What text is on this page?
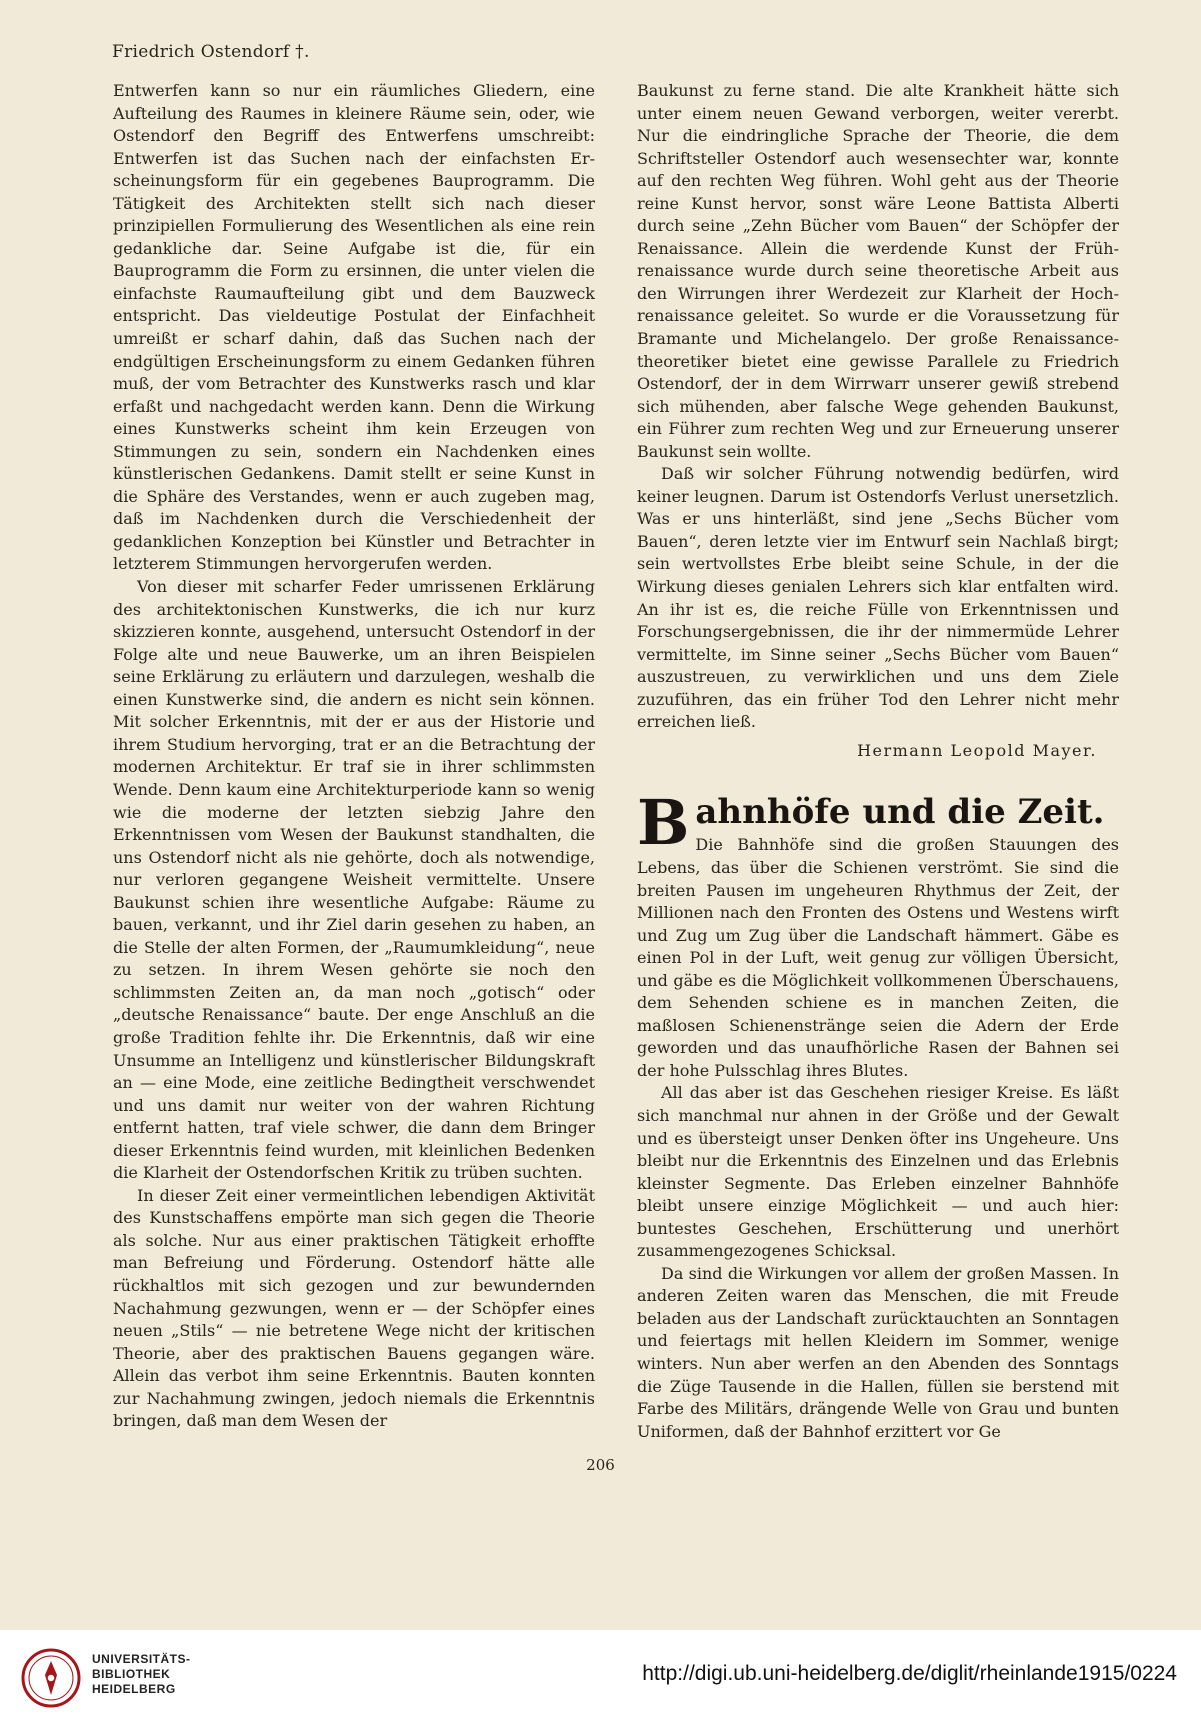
Friedrich Ostendorf †.

Entwerfen kann so nur ein räumliches Gliedern, eine Aufteilung des Raumes in kleinere Räume sein, oder, wie Ostendorf den Begriff des Entwerfens umschreibt: Entwerfen ist das Suchen nach der einfachsten Erscheinungsform für ein gegebenes Bauprogramm. Die Tätigkeit des Architekten stellt sich nach dieser prinzipiellen Formulierung des Wesentlichen als eine rein gedankliche dar. Seine Aufgabe ist die, für ein Bauprogramm die Form zu ersinnen, die unter vielen die einfachste Raumaufteilung gibt und dem Bauzweck entspricht. Das vieldeutige Postulat der Einfachheit umreißt er scharf dahin, daß das Suchen nach der endgültigen Erscheinungsform zu einem Gedanken führen muß, der vom Betrachter des Kunstwerks rasch und klar erfaßt und nachgedacht werden kann. Denn die Wirkung eines Kunstwerks scheint ihm kein Erzeugen von Stimmungen zu sein, sondern ein Nachdenken eines künstlerischen Gedankens. Damit stellt er seine Kunst in die Sphäre des Verstandes, wenn er auch zugeben mag, daß im Nachdenken durch die Verschiedenheit der gedanklichen Konzeption bei Künstler und Betrachter in letzterem Stimmungen hervorgerufen werden.

Von dieser mit scharfer Feder umrissenen Erklärung des architektonischen Kunstwerks, die ich nur kurz skizzieren konnte, ausgehend, untersucht Ostendorf in der Folge alte und neue Bauwerke, um an ihren Beispielen seine Erklärung zu erläutern und darzulegen, weshalb die einen Kunstwerke sind, die andern es nicht sein können. Mit solcher Erkenntnis, mit der er aus der Historie und ihrem Studium hervorging, trat er an die Betrachtung der modernen Architektur. Er traf sie in ihrer schlimmsten Wende. Denn kaum eine Architekturperiode kann so wenig wie die moderne der letzten siebzig Jahre den Erkenntnissen vom Wesen der Baukunst standhalten, die uns Ostendorf nicht als nie gehörte, doch als notwendige, nur verloren gegangene Weisheit vermittelte. Unsere Baukunst schien ihre wesentliche Aufgabe: Räume zu bauen, verkannt, und ihr Ziel darin gesehen zu haben, an die Stelle der alten Formen, der „Raumumkleidung“, neue zu setzen. In ihrem Wesen gehörte sie noch den schlimmsten Zeiten an, da man noch „gotisch“ oder „deutsche Renaissance“ baute. Der enge Anschluß an die große Tradition fehlte ihr. Die Erkenntnis, daß wir eine Unsumme an Intelligenz und künstlerischer Bildungskraft an — eine Mode, eine zeitliche Bedingtheit verschwendet und uns damit nur weiter von der wahren Richtung entfernt hatten, traf viele schwer, die dann dem Bringer dieser Erkenntnis feind wurden, mit kleinlichen Bedenken die Klarheit der Ostendorfschen Kritik zu trüben suchten.

In dieser Zeit einer vermeintlichen lebendigen Aktivität des Kunstschaffens empörte man sich gegen die Theorie als solche. Nur aus einer praktischen Tätigkeit erhoffte man Befreiung und Förderung. Ostendorf hätte alle rückhaltlos mit sich gezogen und zur bewundernden Nachahmung gezwungen, wenn er — der Schöpfer eines neuen „Stils“ — nie betretene Wege nicht der kritischen Theorie, aber des praktischen Bauens gegangen wäre. Allein das verbot ihm seine Erkenntnis. Bauten konnten zur Nachahmung zwingen, jedoch niemals die Erkenntnis bringen, daß man dem Wesen der

Baukunst zu ferne stand. Die alte Krankheit hätte sich unter einem neuen Gewand verborgen, weiter vererbt. Nur die eindringliche Sprache der Theorie, die dem Schriftsteller Ostendorf auch wesensechter war, konnte auf den rechten Weg führen. Wohl geht aus der Theorie reine Kunst hervor, sonst wäre Leone Battista Alberti durch seine „Zehn Bücher vom Bauen“ der Schöpfer der Renaissance. Allein die werdende Kunst der Frührenaissance wurde durch seine theoretische Arbeit aus den Wirrungen ihrer Werdezeit zur Klarheit der Hochrenaissance geleitet. So wurde er die Voraussetzung für Bramante und Michelangelo. Der große Renaissancetheoretiker bietet eine gewisse Parallele zu Friedrich Ostendorf, der in dem Wirrwarr unserer gewiß strebend sich mühenden, aber falsche Wege gehenden Baukunst, ein Führer zum rechten Weg und zur Erneuerung unserer Baukunst sein wollte.

Daß wir solcher Führung notwendig bedürfen, wird keiner leugnen. Darum ist Ostendorfs Verlust unersetzlich. Was er uns hinterläßt, sind jene „Sechs Bücher vom Bauen“, deren letzte vier im Entwurf sein Nachlaß birgt; sein wertvollstes Erbe bleibt seine Schule, in der die Wirkung dieses genialen Lehrers sich klar entfalten wird. An ihr ist es, die reiche Fülle von Erkenntnissen und Forschungsergebnissen, die ihr der nimmermüde Lehrer vermittelte, im Sinne seiner „Sechs Bücher vom Bauen“ auszustreuen, zu verwirklichen und uns dem Ziele zuzuführen, das ein früher Tod den Lehrer nicht mehr erreichen ließ.

Hermann Leopold Mayer.

Bahnhöfe und die Zeit.

Die Bahnhöfe sind die großen Stauungen des Lebens, das über die Schienen verströmt. Sie sind die breiten Pausen im ungeheuren Rhythmus der Zeit, der Millionen nach den Fronten des Ostens und Westens wirft und Zug um Zug über die Landschaft hämmert. Gäbe es einen Pol in der Luft, weit genug zur völligen Übersicht, und gäbe es die Möglichkeit vollkommenen Überschauens, dem Sehenden schiene es in manchen Zeiten, die maßlosen Schienenstränge seien die Adern der Erde geworden und das unaufhörliche Rasen der Bahnen sei der hohe Pulsschlag ihres Blutes.

All das aber ist das Geschehen riesiger Kreise. Es läßt sich manchmal nur ahnen in der Größe und der Gewalt und es übersteigt unser Denken öfter ins Ungeheure. Uns bleibt nur die Erkenntnis des Einzelnen und das Erlebnis kleinster Segmente. Das Erleben einzelner Bahnhöfe bleibt unsere einzige Möglichkeit — und auch hier: buntestes Geschehen, Erschütterung und unerhört zusammengezogenes Schicksal.

Da sind die Wirkungen vor allem der großen Massen. In anderen Zeiten waren das Menschen, die mit Freude beladen aus der Landschaft zurücktauchten an Sonntagen und feiertags mit hellen Kleidern im Sommer, wenige winters. Nun aber werfen an den Abenden des Sonntags die Züge Tausende in die Hallen, füllen sie berstend mit Farbe des Militärs, drängende Welle von Grau und bunten Uniformen, daß der Bahnhof erzittert vor Ge

206
UNIVERSITÄTS-
BIBLIOTHEK
HEIDELBERG
http://digi.ub.uni-heidelberg.de/diglit/rheinlande1915/0224
